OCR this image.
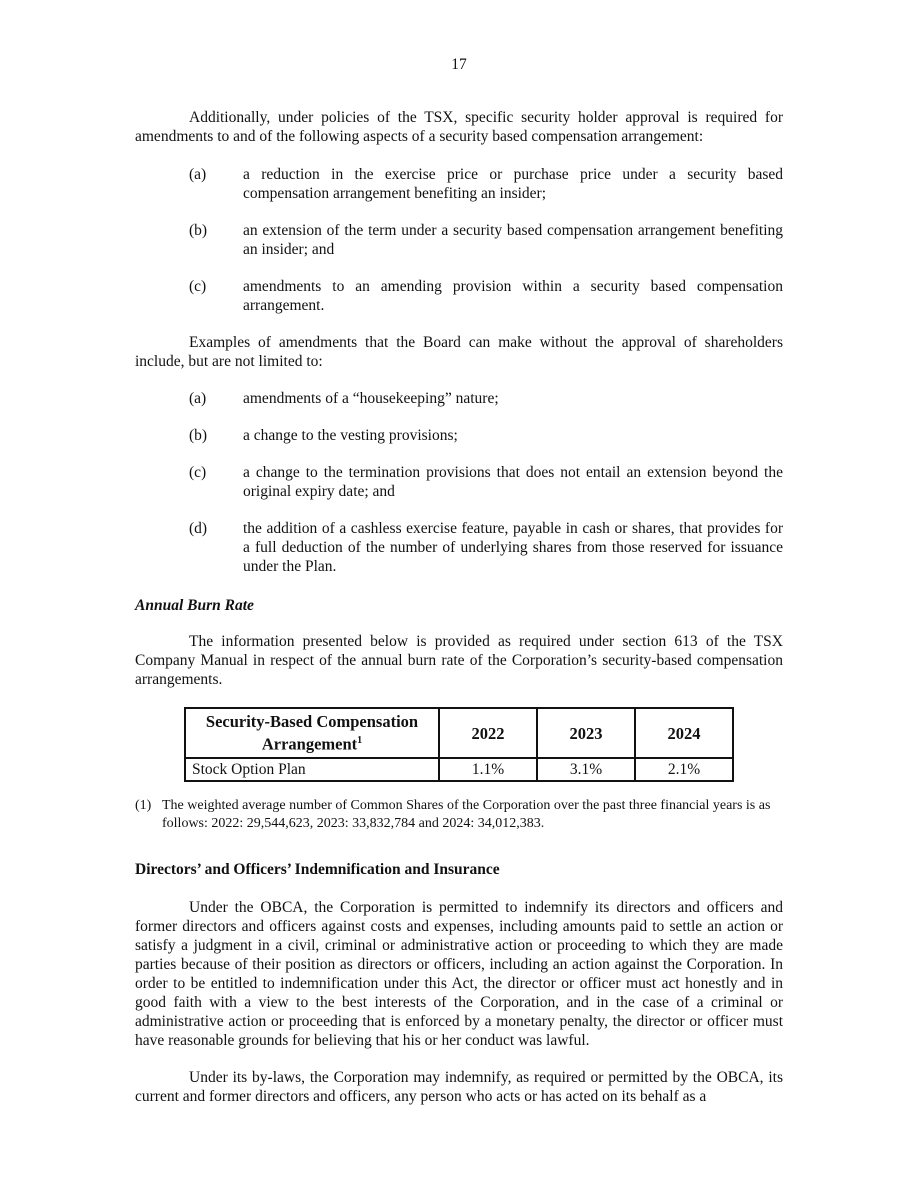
17

Additionally, under policies of the TSX, specific security holder approval is required for amendments to and of the following aspects of a security based compensation arrangement:

(a) a reduction in the exercise price or purchase price under a security based compensation arrangement benefiting an insider;
(b) an extension of the term under a security based compensation arrangement benefiting an insider; and
(c) amendments to an amending provision within a security based compensation arrangement.

Examples of amendments that the Board can make without the approval of shareholders include, but are not limited to:

(a) amendments of a “housekeeping” nature;
(b) a change to the vesting provisions;
(c) a change to the termination provisions that does not entail an extension beyond the original expiry date; and
(d) the addition of a cashless exercise feature, payable in cash or shares, that provides for a full deduction of the number of underlying shares from those reserved for issuance under the Plan.
Annual Burn Rate

The information presented below is provided as required under section 613 of the TSX Company Manual in respect of the annual burn rate of the Corporation’s security-based compensation arrangements.

Security-Based Compensation Arrangement$^1$	2022	2023	2024
Stock Option Plan	1.1%	3.1%	2.1%
(1) The weighted average number of Common Shares of the Corporation over the past three financial years is as follows: 2022: 29,544,623, 2023: 33,832,784 and 2024: 34,012,383.
Directors’ and Officers’ Indemnification and Insurance

Under the OBCA, the Corporation is permitted to indemnify its directors and officers and former directors and officers against costs and expenses, including amounts paid to settle an action or satisfy a judgment in a civil, criminal or administrative action or proceeding to which they are made parties because of their position as directors or officers, including an action against the Corporation. In order to be entitled to indemnification under this Act, the director or officer must act honestly and in good faith with a view to the best interests of the Corporation, and in the case of a criminal or administrative action or proceeding that is enforced by a monetary penalty, the director or officer must have reasonable grounds for believing that his or her conduct was lawful.

Under its by-laws, the Corporation may indemnify, as required or permitted by the OBCA, its current and former directors and officers, any person who acts or has acted on its behalf as a
